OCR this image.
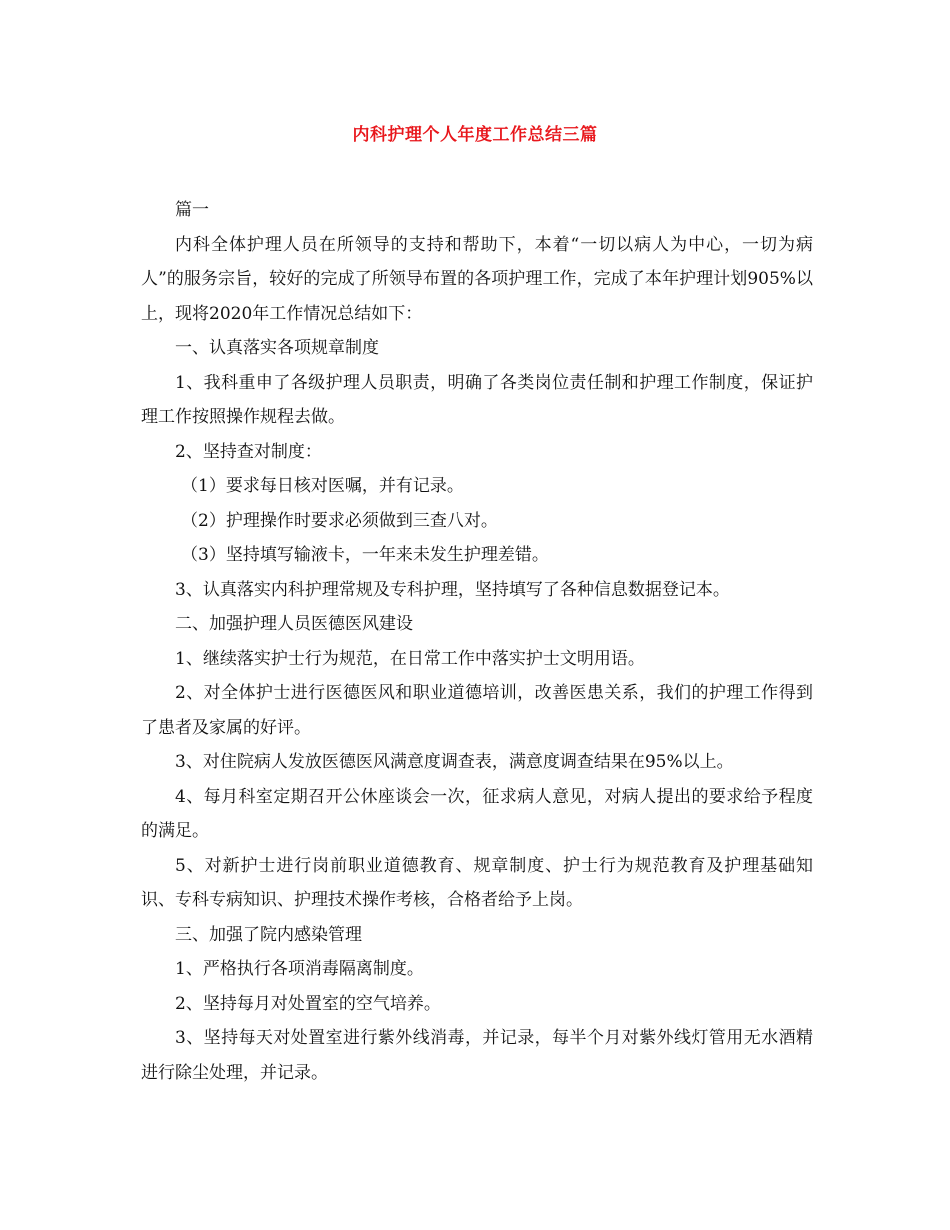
内科护理个人年度工作总结三篇

篇一

内科全体护理人员在所领导的支持和帮助下，本着“一切以病人为中心，一切为病人”的服务宗旨，较好的完成了所领导布置的各项护理工作，完成了本年护理计划905%以上，现将2020年工作情况总结如下：

一、认真落实各项规章制度

1、我科重申了各级护理人员职责，明确了各类岗位责任制和护理工作制度，保证护理工作按照操作规程去做。

2、坚持查对制度：

（1）要求每日核对医嘱，并有记录。

（2）护理操作时要求必须做到三查八对。

（3）坚持填写输液卡，一年来未发生护理差错。

3、认真落实内科护理常规及专科护理，坚持填写了各种信息数据登记本。

二、加强护理人员医德医风建设

1、继续落实护士行为规范，在日常工作中落实护士文明用语。

2、对全体护士进行医德医风和职业道德培训，改善医患关系，我们的护理工作得到了患者及家属的好评。

3、对住院病人发放医德医风满意度调查表，满意度调查结果在95%以上。

4、每月科室定期召开公休座谈会一次，征求病人意见，对病人提出的要求给予程度的满足。

5、对新护士进行岗前职业道德教育、规章制度、护士行为规范教育及护理基础知识、专科专病知识、护理技术操作考核，合格者给予上岗。

三、加强了院内感染管理

1、严格执行各项消毒隔离制度。

2、坚持每月对处置室的空气培养。

3、坚持每天对处置室进行紫外线消毒，并记录，每半个月对紫外线灯管用无水酒精进行除尘处理，并记录。
